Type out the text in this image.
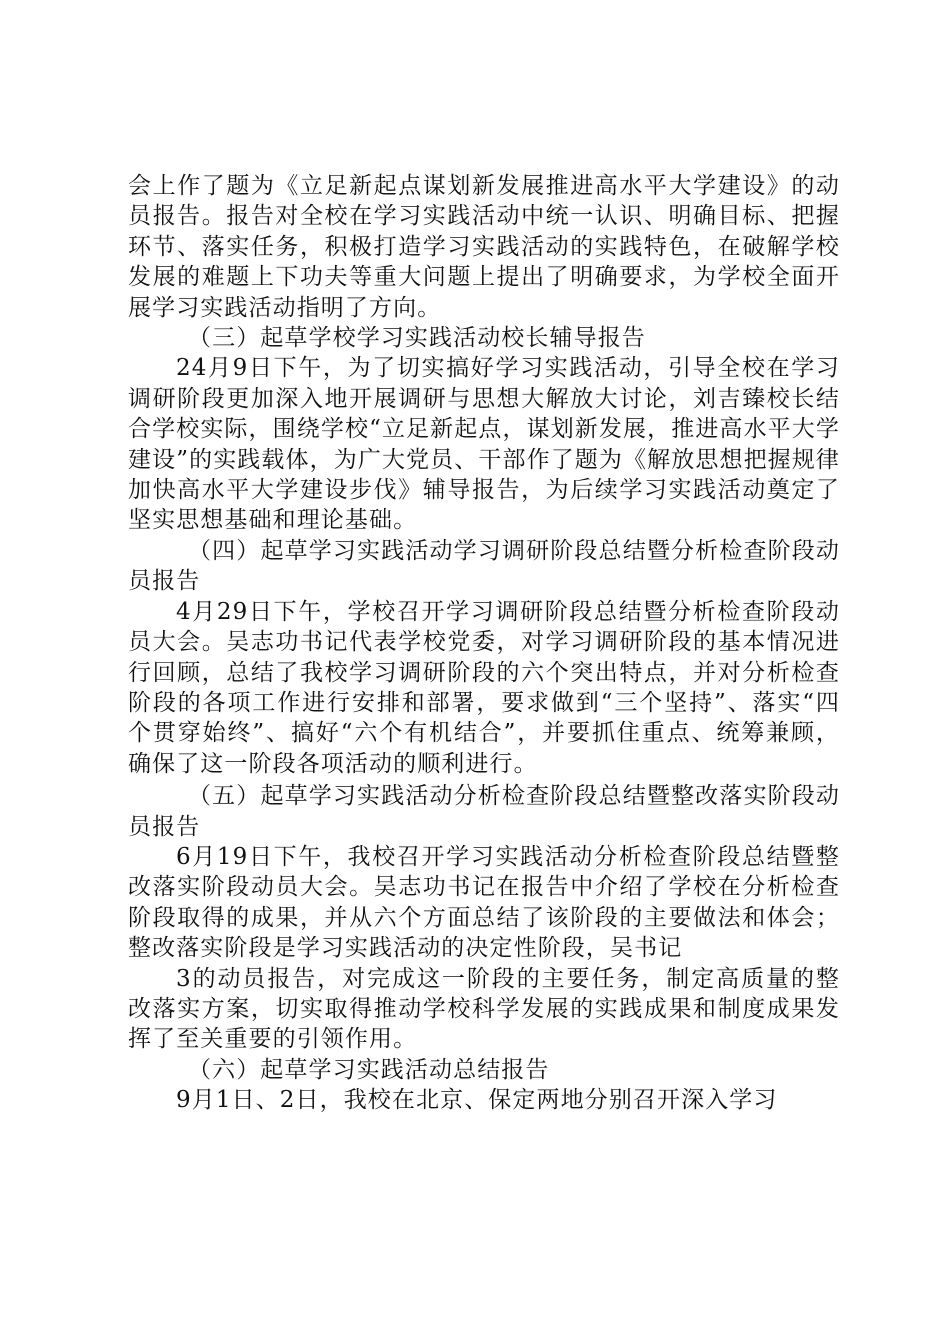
会上作了题为《立足新起点谋划新发展推进高水平大学建设》的动员报告。报告对全校在学习实践活动中统一认识、明确目标、把握环节、落实任务，积极打造学习实践活动的实践特色，在破解学校发展的难题上下功夫等重大问题上提出了明确要求，为学校全面开展学习实践活动指明了方向。

（三）起草学校学习实践活动校长辅导报告

24月9日下午，为了切实搞好学习实践活动，引导全校在学习调研阶段更加深入地开展调研与思想大解放大讨论，刘吉臻校长结合学校实际，围绕学校“立足新起点，谋划新发展，推进高水平大学建设”的实践载体，为广大党员、干部作了题为《解放思想把握规律加快高水平大学建设步伐》辅导报告，为后续学习实践活动奠定了坚实思想基础和理论基础。

（四）起草学习实践活动学习调研阶段总结暨分析检查阶段动员报告

4月29日下午，学校召开学习调研阶段总结暨分析检查阶段动员大会。吴志功书记代表学校党委，对学习调研阶段的基本情况进行回顾，总结了我校学习调研阶段的六个突出特点，并对分析检查阶段的各项工作进行安排和部署，要求做到“三个坚持”、落实“四个贯穿始终”、搞好“六个有机结合”，并要抓住重点、统筹兼顾，确保了这一阶段各项活动的顺利进行。

（五）起草学习实践活动分析检查阶段总结暨整改落实阶段动员报告

6月19日下午，我校召开学习实践活动分析检查阶段总结暨整改落实阶段动员大会。吴志功书记在报告中介绍了学校在分析检查阶段取得的成果，并从六个方面总结了该阶段的主要做法和体会；整改落实阶段是学习实践活动的决定性阶段，吴书记

3的动员报告，对完成这一阶段的主要任务，制定高质量的整改落实方案，切实取得推动学校科学发展的实践成果和制度成果发挥了至关重要的引领作用。

（六）起草学习实践活动总结报告

9月1日、2日，我校在北京、保定两地分别召开深入学习
